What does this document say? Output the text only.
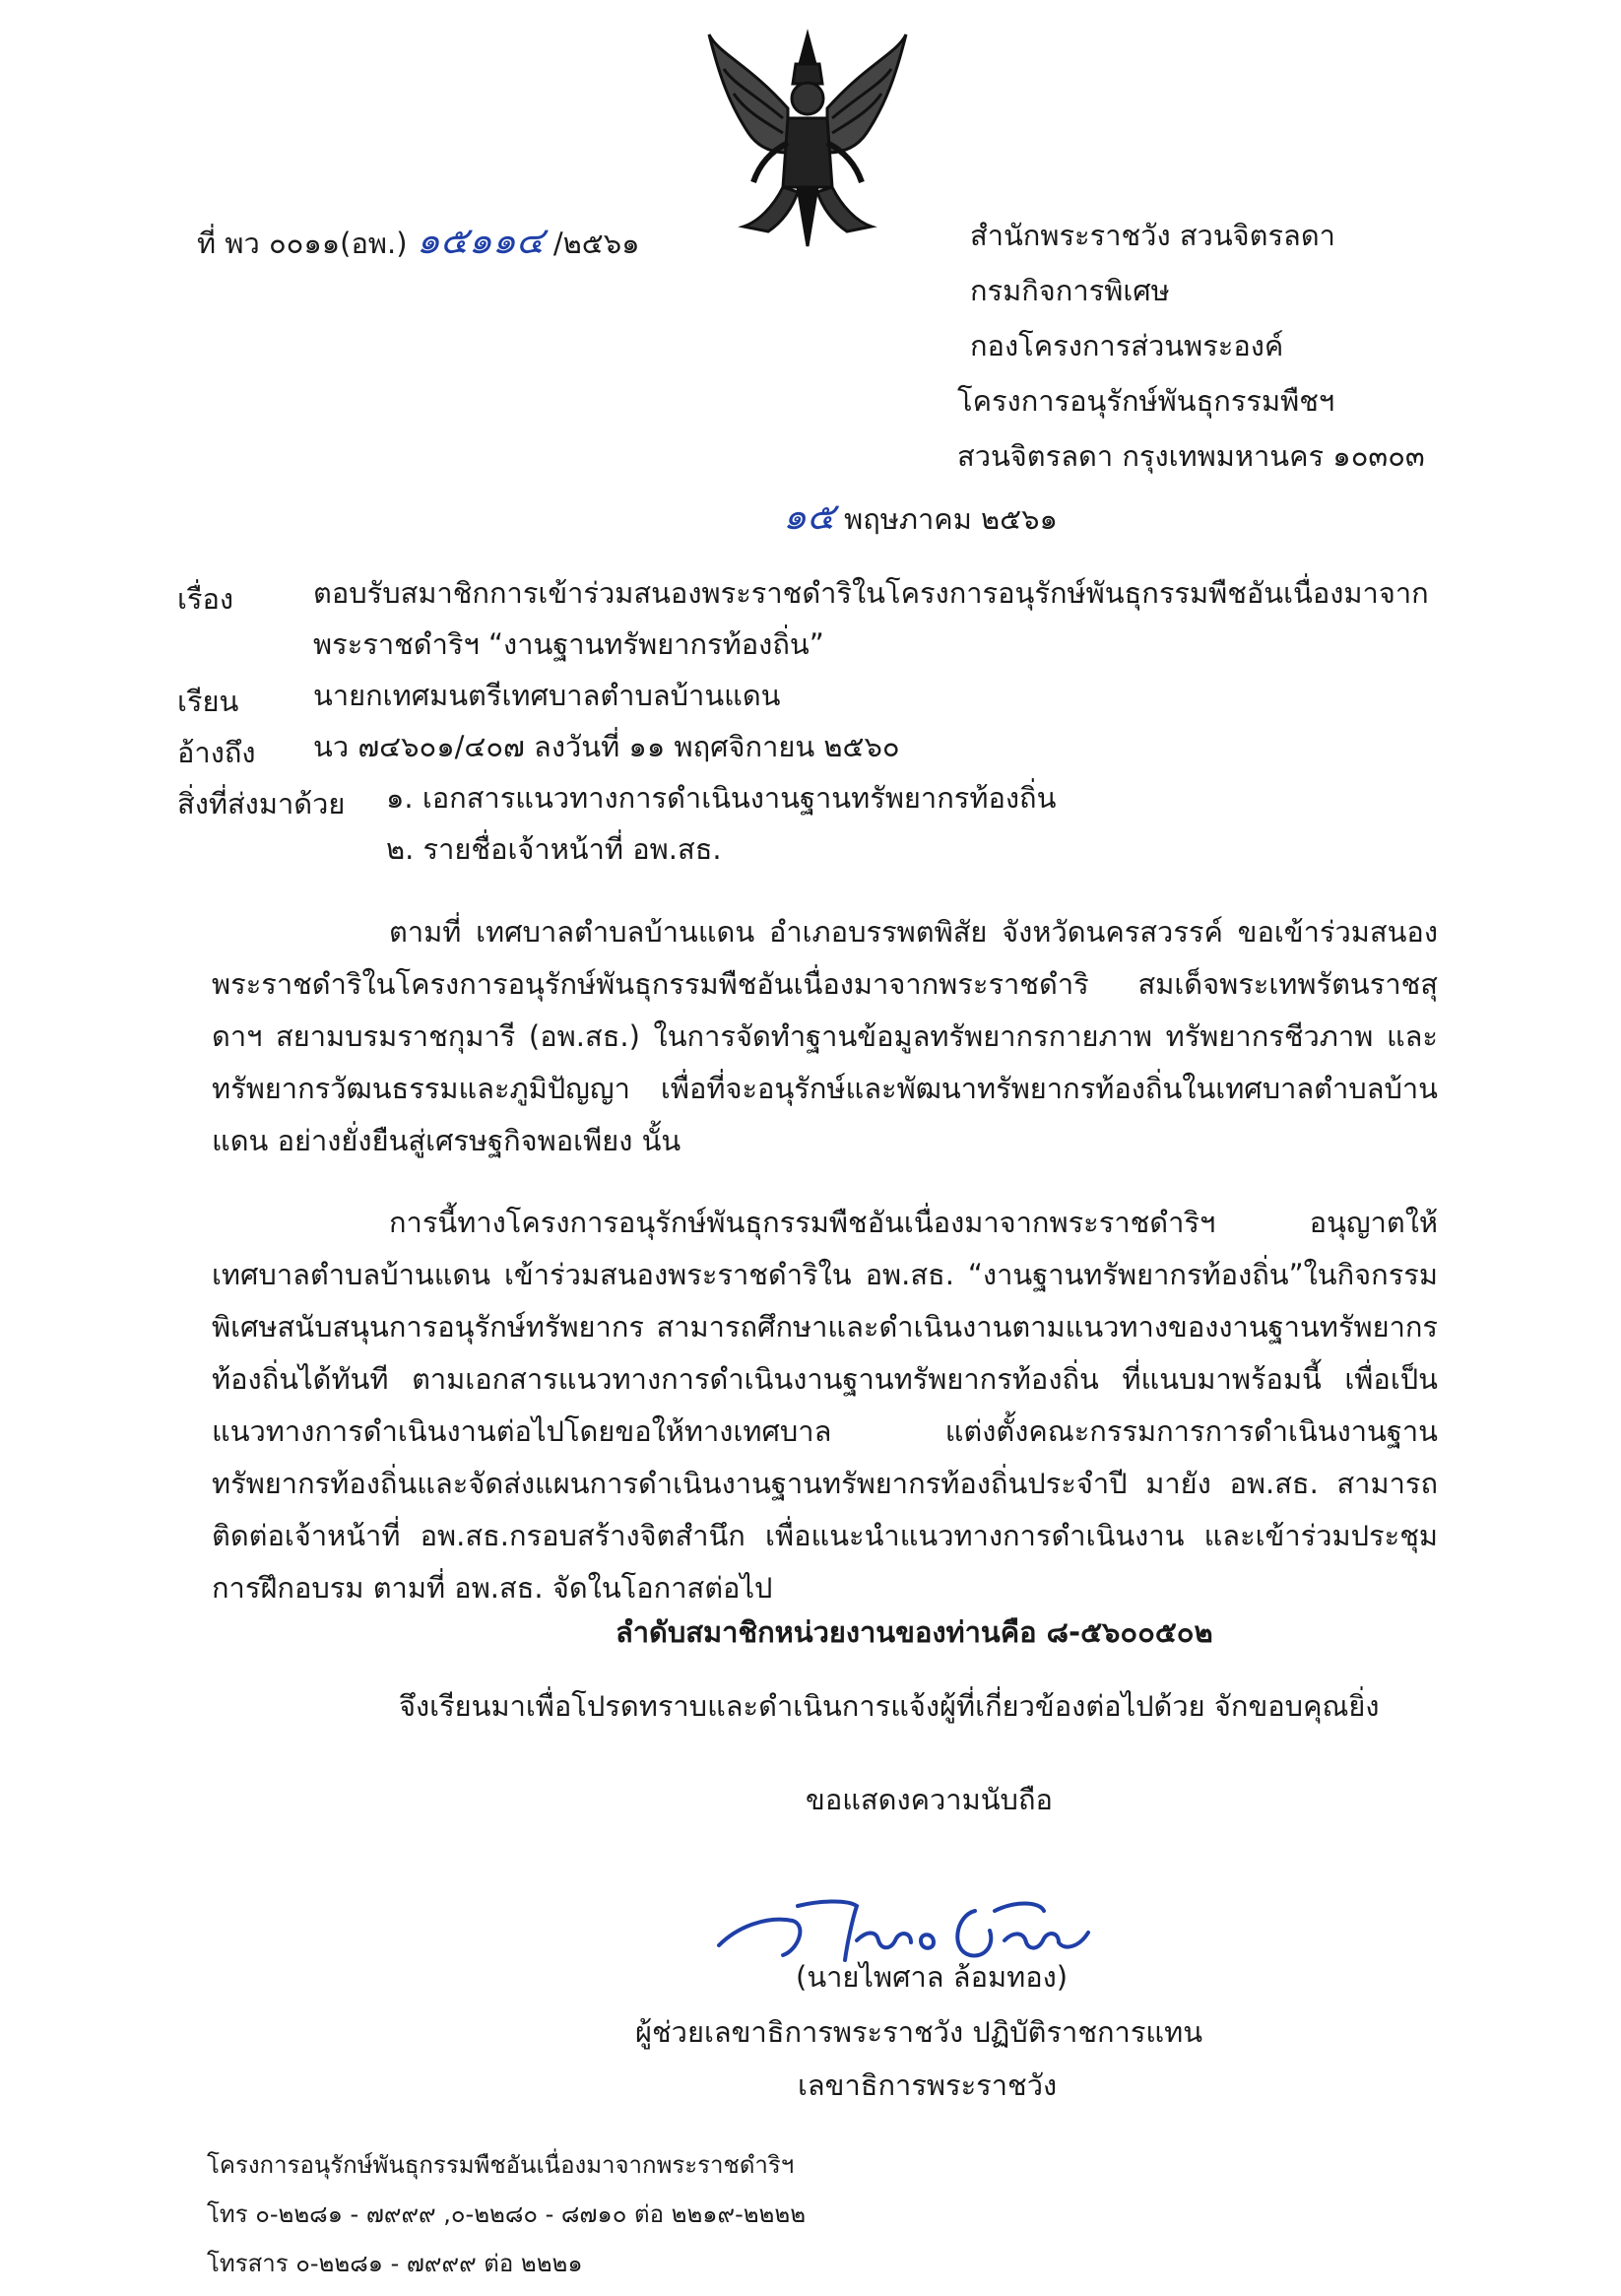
ที่ พว ๐๐๑๑(อพ.) ๑๕๑๑๔ /๒๕๖๑	สำนักพระราชวัง สวนจิตรลดา
กรมกิจการพิเศษ
กองโครงการส่วนพระองค์
โครงการอนุรักษ์พันธุกรรมพืชฯ
สวนจิตรลดา กรุงเทพมหานคร ๑๐๓๐๓
๑๕ พฤษภาคม ๒๕๖๑
เรื่อง	ตอบรับสมาชิกการเข้าร่วมสนองพระราชดำริในโครงการอนุรักษ์พันธุกรรมพืชอันเนื่องมาจาก
พระราชดำริฯ “งานฐานทรัพยากรท้องถิ่น”
เรียน	นายกเทศมนตรีเทศบาลตำบลบ้านแดน
อ้างถึง นว ๗๔๖๐๑/๔๐๗ ลงวันที่ ๑๑ พฤศจิกายน ๒๕๖๐
สิ่งที่ส่งมาด้วย ๑. เอกสารแนวทางการดำเนินงานฐานทรัพยากรท้องถิ่น
๒. รายชื่อเจ้าหน้าที่ อพ.สธ.
ตามที่ เทศบาลตำบลบ้านแดน อำเภอบรรพตพิสัย จังหวัดนครสวรรค์ ขอเข้าร่วมสนองพระราชดำริในโครงการอนุรักษ์พันธุกรรมพืชอันเนื่องมาจากพระราชดำริ สมเด็จพระเทพรัตนราชสุดาฯ สยามบรมราชกุมารี (อพ.สธ.) ในการจัดทำฐานข้อมูลทรัพยากรกายภาพ ทรัพยากรชีวภาพ และทรัพยากรวัฒนธรรมและภูมิปัญญา เพื่อที่จะอนุรักษ์และพัฒนาทรัพยากรท้องถิ่นในเทศบาลตำบลบ้านแดน อย่างยั่งยืนสู่เศรษฐกิจพอเพียง นั้น
การนี้ทางโครงการอนุรักษ์พันธุกรรมพืชอันเนื่องมาจากพระราชดำริฯ อนุญาตให้เทศบาลตำบลบ้านแดน เข้าร่วมสนองพระราชดำริใน อพ.สธ. “งานฐานทรัพยากรท้องถิ่น”ในกิจกรรมพิเศษสนับสนุนการอนุรักษ์ทรัพยากร สามารถศึกษาและดำเนินงานตามแนวทางของงานฐานทรัพยากรท้องถิ่นได้ทันที ตามเอกสารแนวทางการดำเนินงานฐานทรัพยากรท้องถิ่น ที่แนบมาพร้อมนี้ เพื่อเป็นแนวทางการดำเนินงานต่อไปโดยขอให้ทางเทศบาล แต่งตั้งคณะกรรมการการดำเนินงานฐานทรัพยากรท้องถิ่นและจัดส่งแผนการดำเนินงานฐานทรัพยากรท้องถิ่นประจำปี มายัง อพ.สธ. สามารถติดต่อเจ้าหน้าที่ อพ.สธ.กรอบสร้างจิตสำนึก เพื่อแนะนำแนวทางการดำเนินงาน และเข้าร่วมประชุม การฝึกอบรม ตามที่ อพ.สธ. จัดในโอกาสต่อไป
ลำดับสมาชิกหน่วยงานของท่านคือ ๘-๕๖๐๐๕๐๒
จึงเรียนมาเพื่อโปรดทราบและดำเนินการแจ้งผู้ที่เกี่ยวข้องต่อไปด้วย จักขอบคุณยิ่ง
ขอแสดงความนับถือ
(นายไพศาล ล้อมทอง)
ผู้ช่วยเลขาธิการพระราชวัง ปฏิบัติราชการแทน
เลขาธิการพระราชวัง
โครงการอนุรักษ์พันธุกรรมพืชอันเนื่องมาจากพระราชดำริฯ
โทร ๐-๒๒๘๑ - ๗๙๙๙ ,๐-๒๒๘๐ - ๘๗๑๐ ต่อ ๒๒๑๙-๒๒๒๒
โทรสาร ๐-๒๒๘๑ - ๗๙๙๙ ต่อ ๒๒๒๑
